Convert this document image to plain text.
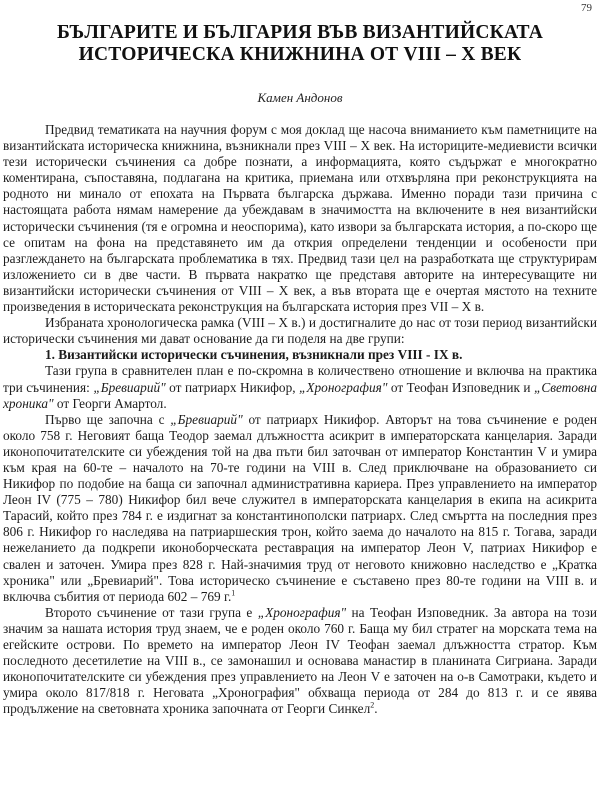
79
БЪЛГАРИТЕ И БЪЛГАРИЯ ВЪВ ВИЗАНТИЙСКАТА
ИСТОРИЧЕСКА КНИЖНИНА ОТ VIII – X ВЕК
Камен Андонов

Предвид тематиката на научния форум с моя доклад ще насоча вниманието към паметниците на византийската историческа книжнина, възникнали през VIII – X век. На историците-медиевисти всички тези исторически съчинения са добре познати, а информацията, която съдържат е многократно коментирана, съпоставяна, подлагана на критика, приемана или отхвърляна при реконструкцията на родното ни минало от епохата на Първата българска държава. Именно поради тази причина с настоящата работа нямам намерение да убеждавам в значимостта на включените в нея византийски исторически съчинения (тя е огромна и неоспорима), като извори за българската история, а по-скоро ще се опитам на фона на представянето им да открия определени тенденции и особености при разглеждането на българската проблематика в тях. Предвид тази цел на разработката ще структурирам изложението си в две части. В първата накратко ще представя авторите на интересуващите ни византийски исторически съчинения от VIII – X век, а във втората ще е очертая мястото на техните произведения в историческата реконструкция на българската история през VII – X в.

Избраната хронологическа рамка (VIII – X в.) и достигналите до нас от този период византийски исторически съчинения ми дават основание да ги поделя на две групи:

1. Византийски исторически съчинения, възникнали през VIII - IX в.

Тази група в сравнителен план е по-скромна в количествено отношение и включва на практика три съчинения: „Бревиарий" от патриарх Никифор, „Хронография" от Теофан Изповедник и „Световна хроника" от Георги Амартол.

Първо ще започна с „Бревиарий" от патриарх Никифор. Авторът на това съчинение е роден около 758 г. Неговият баща Теодор заемал длъжността асикрит в императорската канцелария. Заради иконопочитателските си убеждения той на два пъти бил заточван от император Константин V и умира към края на 60-те – началото на 70-те години на VIII в. След приключване на образованието си Никифор по подобие на баща си започнал административна кариера. През управлението на император Леон IV (775 – 780) Никифор бил вече служител в императорската канцелария в екипа на асикрита Тарасий, който през 784 г. е издигнат за константинополски патриарх. След смъртта на последния през 806 г. Никифор го наследява на патриаршеския трон, който заема до началото на 815 г. Тогава, заради нежеланието да подкрепи иконоборческата реставрация на император Леон V, патриах Никифор е свален и заточен. Умира през 828 г. Най-значимия труд от неговото книжовно наследство е „Кратка хроника" или „Бревиарий". Това историческо съчинение е съставено през 80-те години на VIII в. и включва събития от периода 602 – 769 г.$^1$

Второто съчинение от тази група е „Хронография" на Теофан Изповедник. За автора на този значим за нашата история труд знаем, че е роден около 760 г. Баща му бил стратег на морската тема на егейските острови. По времето на император Леон IV Теофан заемал длъжността стратор. Към последното десетилетие на VIII в., се замонашил и основава манастир в планината Сигриана. Заради иконопочитателските си убеждения през управлението на Леон V е заточен на о-в Самотраки, където и умира около 817/818 г. Неговата „Хронография" обхваща периода от 284 до 813 г. и се явява продължение на световната хроника започната от Георги Синкел$^2$.
